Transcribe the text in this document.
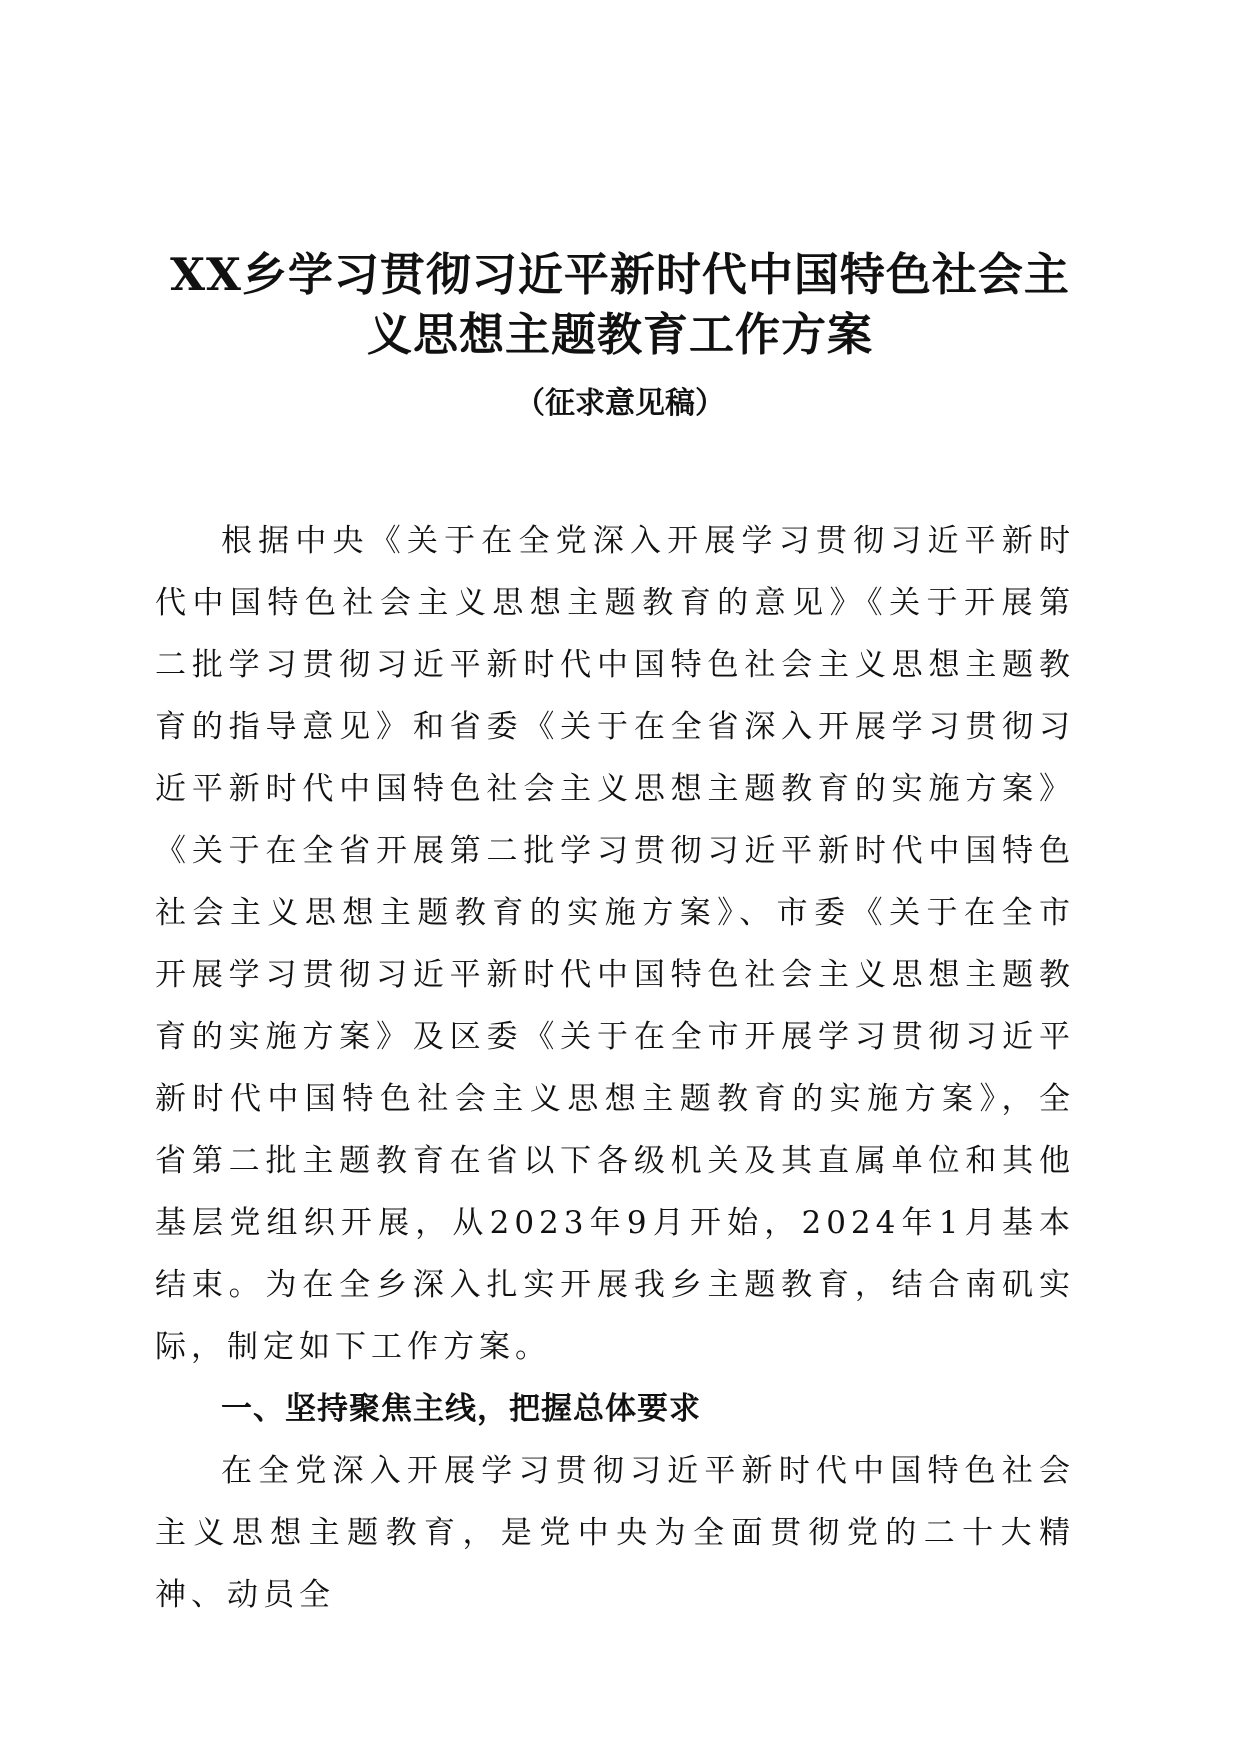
XX乡学习贯彻习近平新时代中国特色社会主义思想主题教育工作方案

（征求意见稿）

根据中央《关于在全党深入开展学习贯彻习近平新时代中国特色社会主义思想主题教育的意见》《关于开展第二批学习贯彻习近平新时代中国特色社会主义思想主题教育的指导意见》和省委《关于在全省深入开展学习贯彻习近平新时代中国特色社会主义思想主题教育的实施方案》《关于在全省开展第二批学习贯彻习近平新时代中国特色社会主义思想主题教育的实施方案》、市委《关于在全市开展学习贯彻习近平新时代中国特色社会主义思想主题教育的实施方案》及区委《关于在全市开展学习贯彻习近平新时代中国特色社会主义思想主题教育的实施方案》，全省第二批主题教育在省以下各级机关及其直属单位和其他基层党组织开展，从2023年9月开始，2024年1月基本结束。为在全乡深入扎实开展我乡主题教育，结合南矶实际，制定如下工作方案。

一、坚持聚焦主线，把握总体要求

在全党深入开展学习贯彻习近平新时代中国特色社会主义思想主题教育，是党中央为全面贯彻党的二十大精神、动员全
